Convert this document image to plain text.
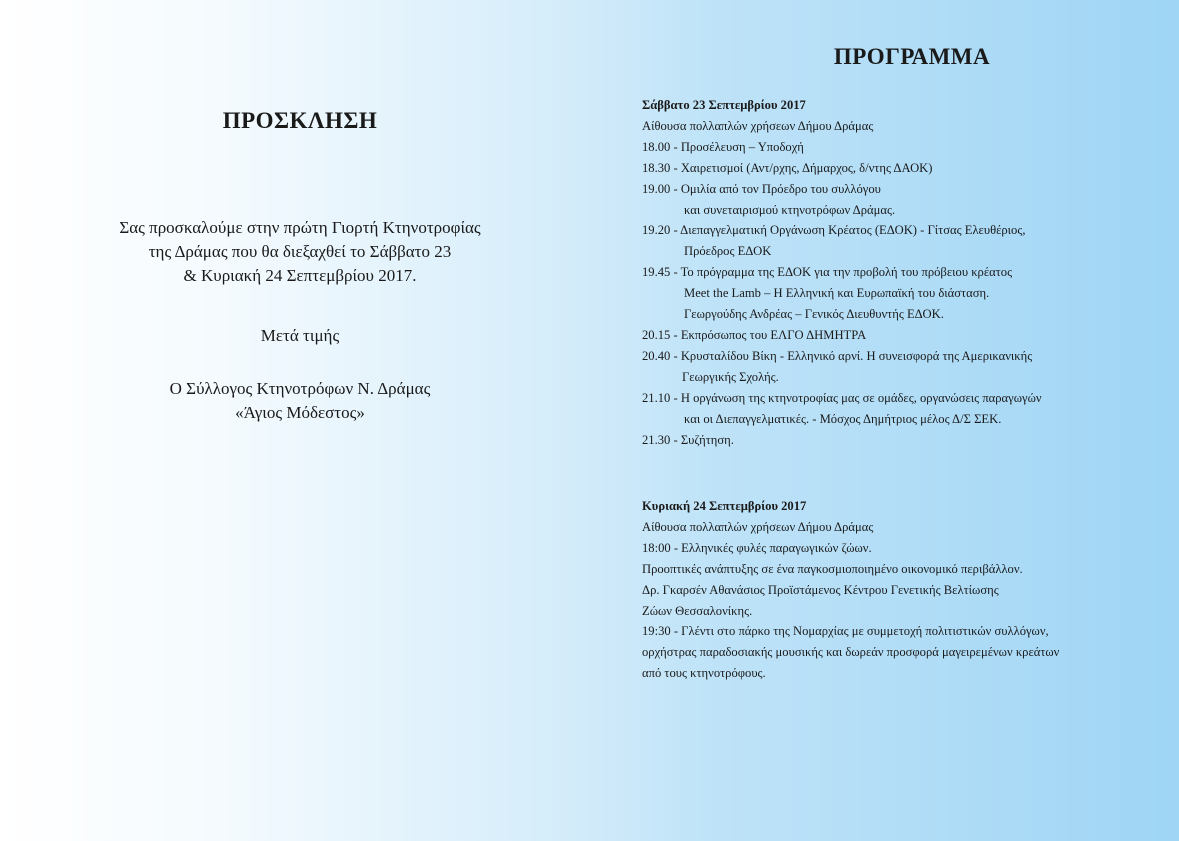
ΠΡΟΣΚΛΗΣΗ
Σας προσκαλούμε στην πρώτη Γιορτή Κτηνοτροφίας
της Δράμας που θα διεξαχθεί το Σάββατο 23
& Κυριακή 24 Σεπτεμβρίου 2017.
Μετά τιμής
Ο Σύλλογος Κτηνοτρόφων Ν. Δράμας
«Άγιος Μόδεστος»
ΠΡΟΓΡΑΜΜΑ
Σάββατο 23 Σεπτεμβρίου 2017
Αίθουσα πολλαπλών χρήσεων Δήμου Δράμας
18.00 - Προσέλευση – Υποδοχή
18.30 - Χαιρετισμοί (Αντ/ρχης, Δήμαρχος, δ/ντης ΔΑΟΚ)
19.00 - Ομιλία από τον Πρόεδρο του συλλόγου
και συνεταιρισμού κτηνοτρόφων Δράμας.
19.20 - Διεπαγγελματική Οργάνωση Κρέατος (ΕΔΟΚ) - Γίτσας Ελευθέριος,
Πρόεδρος ΕΔΟΚ
19.45 - Το πρόγραμμα της ΕΔΟΚ για την προβολή του πρόβειου κρέατος
Meet the Lamb – Η Ελληνική και Ευρωπαϊκή του διάσταση.
Γεωργούδης Ανδρέας – Γενικός Διευθυντής ΕΔΟΚ.
20.15 - Εκπρόσωπος του ΕΛΓΟ ΔΗΜΗΤΡΑ
20.40 - Κρυσταλίδου Βίκη - Ελληνικό αρνί. Η συνεισφορά της Αμερικανικής
Γεωργικής Σχολής.
21.10 - Η οργάνωση της κτηνοτροφίας μας σε ομάδες, οργανώσεις παραγωγών
και οι Διεπαγγελματικές. - Μόσχος Δημήτριος μέλος Δ/Σ ΣΕΚ.
21.30 - Συζήτηση.
Κυριακή 24 Σεπτεμβρίου 2017
Αίθουσα πολλαπλών χρήσεων Δήμου Δράμας
18:00 - Ελληνικές φυλές παραγωγικών ζώων.
Προοπτικές ανάπτυξης σε ένα παγκοσμιοποιημένο οικονομικό περιβάλλον.
Δρ. Γκαρσέν Αθανάσιος Προϊστάμενος Κέντρου Γενετικής Βελτίωσης
Ζώων Θεσσαλονίκης.
19:30 - Γλέντι στο πάρκο της Νομαρχίας με συμμετοχή πολιτιστικών συλλόγων,
ορχήστρας παραδοσιακής μουσικής και δωρεάν προσφορά μαγειρεμένων κρεάτων
από τους κτηνοτρόφους.
